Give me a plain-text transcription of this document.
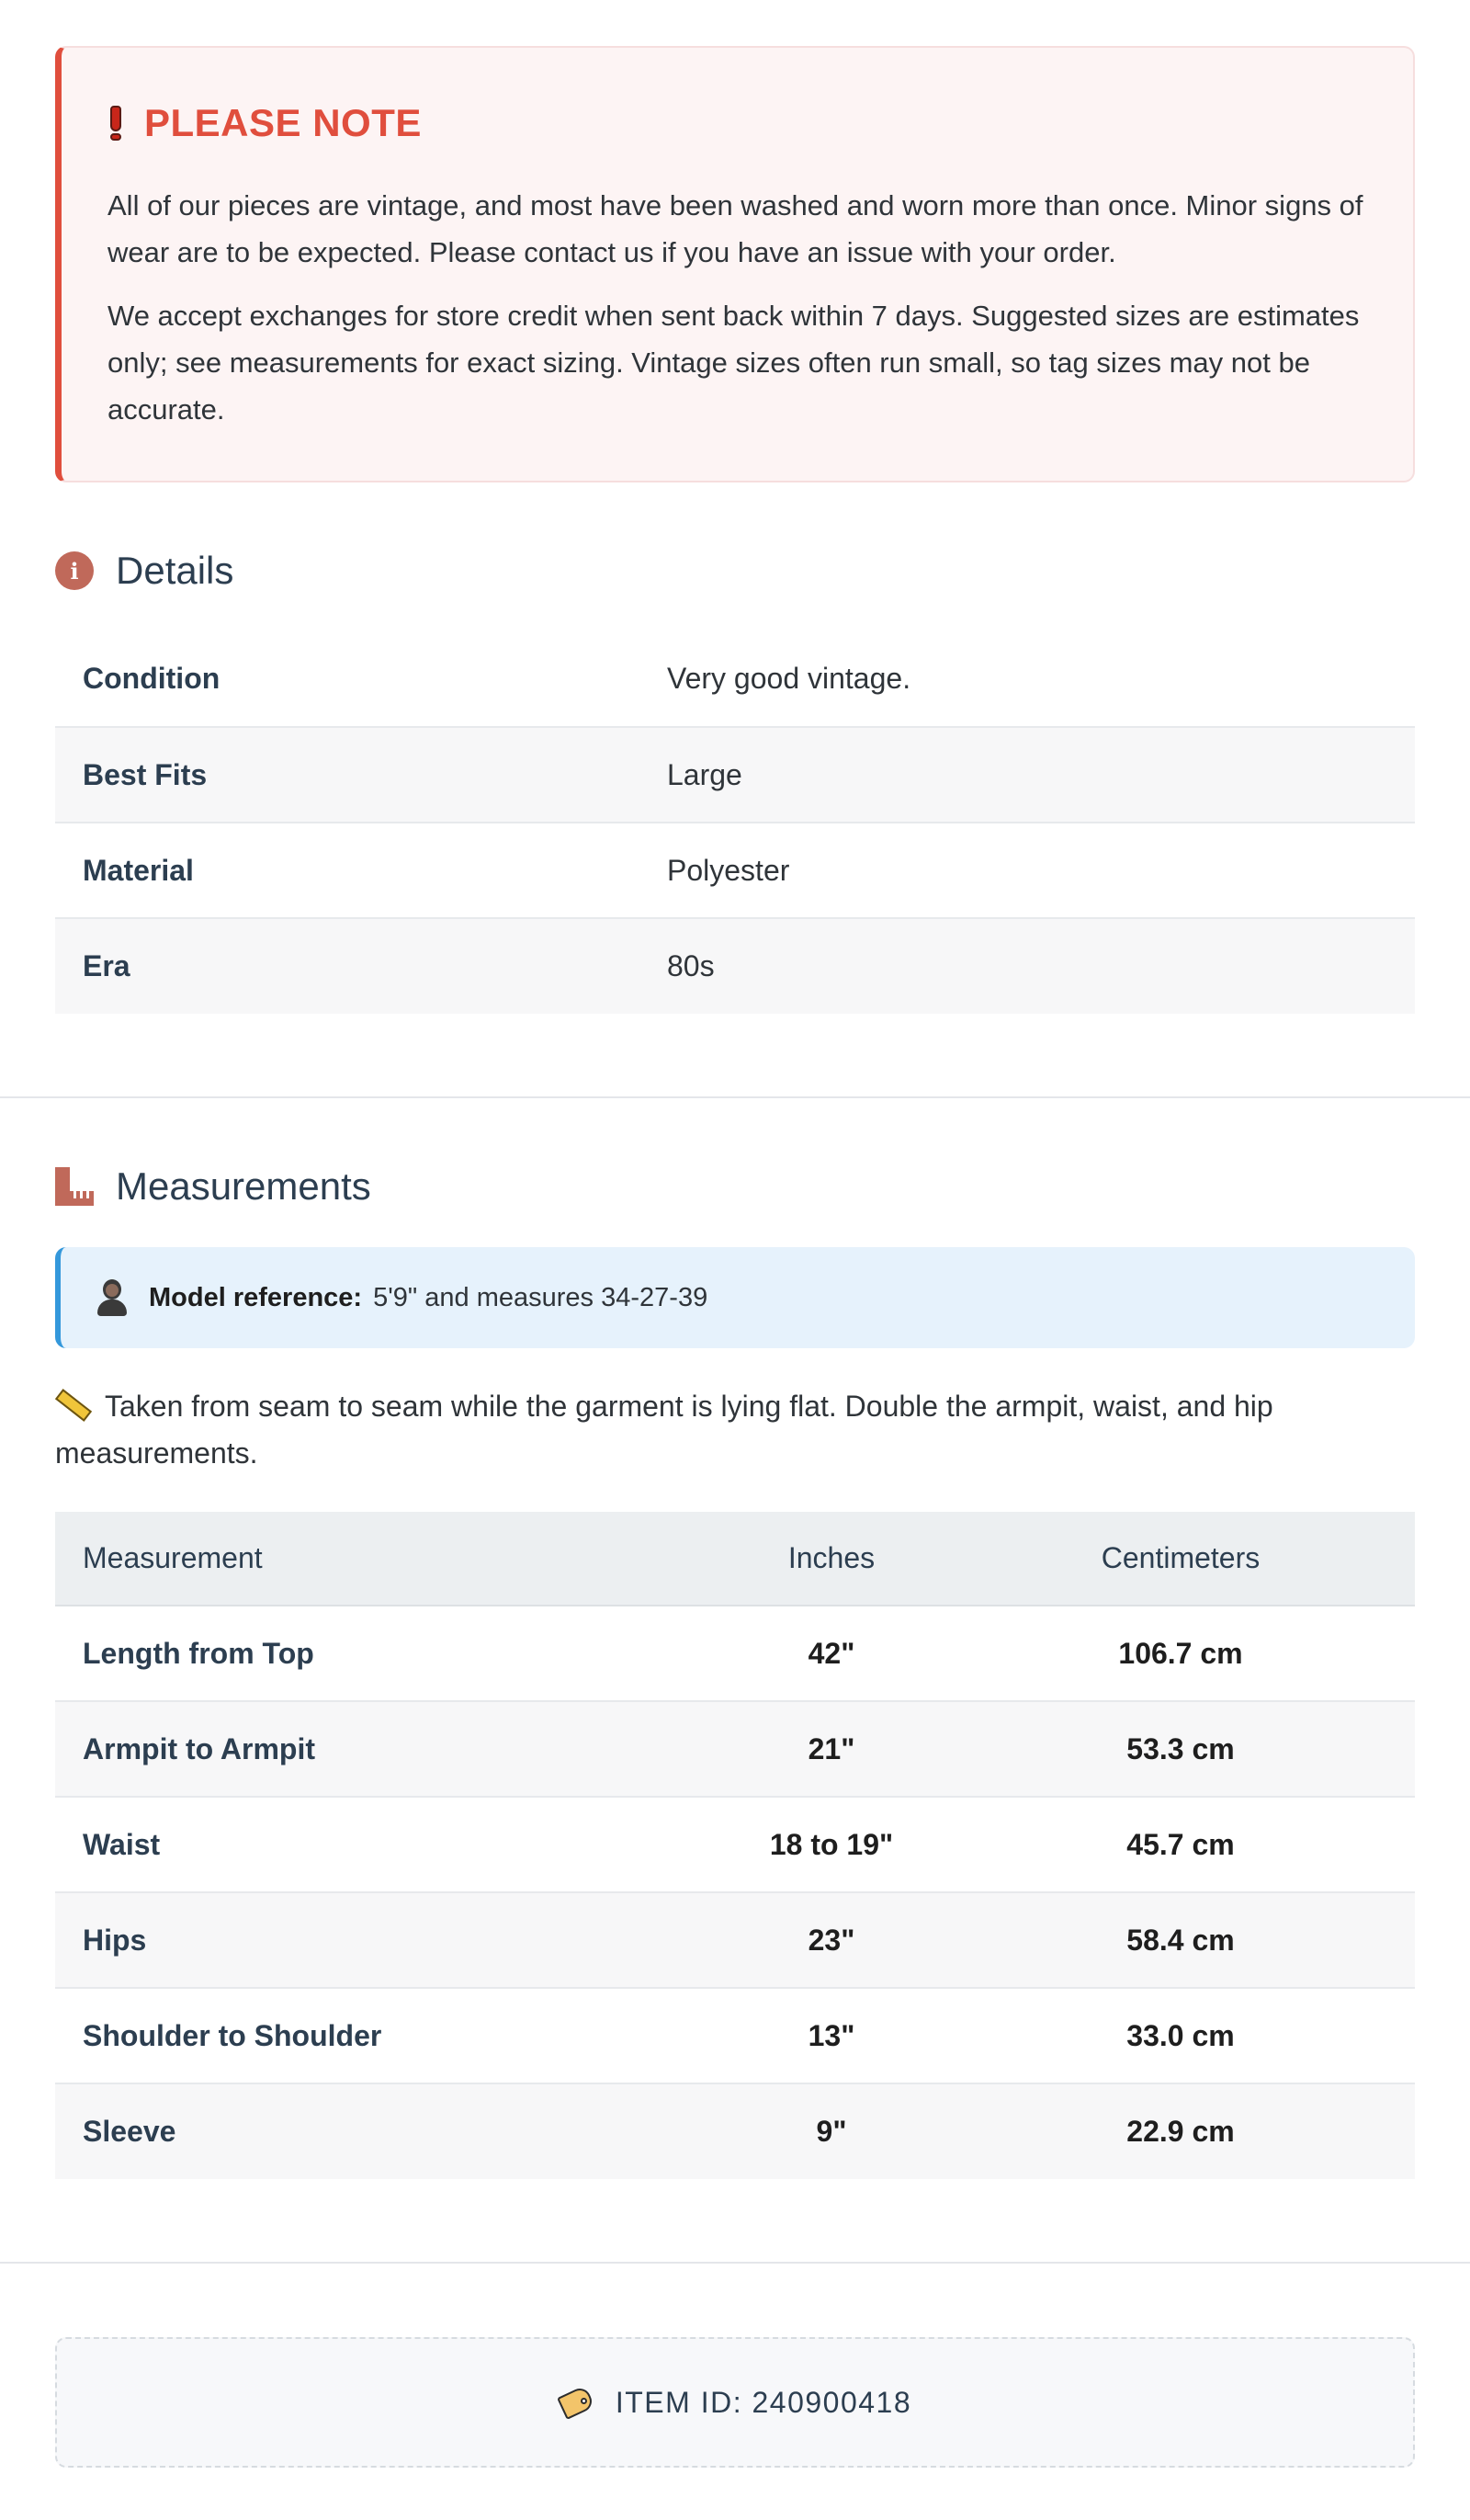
PLEASE NOTE

All of our pieces are vintage, and most have been washed and worn more than once. Minor signs of wear are to be expected. Please contact us if you have an issue with your order.

We accept exchanges for store credit when sent back within 7 days. Suggested sizes are estimates only; see measurements for exact sizing. Vintage sizes often run small, so tag sizes may not be accurate.

i Details
Condition	Very good vintage.
Best Fits	Large
Material	Polyester
Era	80s
Measurements
Model reference: 5'9" and measures 34-27-39

Taken from seam to seam while the garment is lying flat. Double the armpit, waist, and hip measurements.

Measurement	Inches	Centimeters
Length from Top	42"	106.7 cm
Armpit to Armpit	21"	53.3 cm
Waist	18 to 19"	45.7 cm
Hips	23"	58.4 cm
Shoulder to Shoulder	13"	33.0 cm
Sleeve	9"	22.9 cm
ITEM ID: 240900418
